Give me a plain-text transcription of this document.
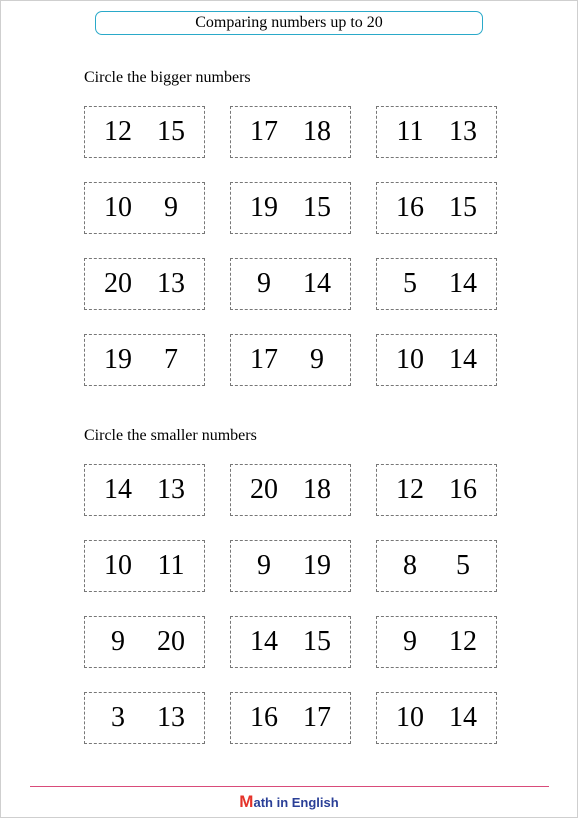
Comparing numbers up to 20
Circle the bigger numbers
12 15	17 18	11 13
10	9	19 15	16 15
20 13	9	14	5	14
19	7	17	9	10 14
Circle the smaller numbers
14 13	20 18	12 16
10 11	9	19	8	5
9	20	14 15	9	12
3	13	16 17	10 14
Math in English
